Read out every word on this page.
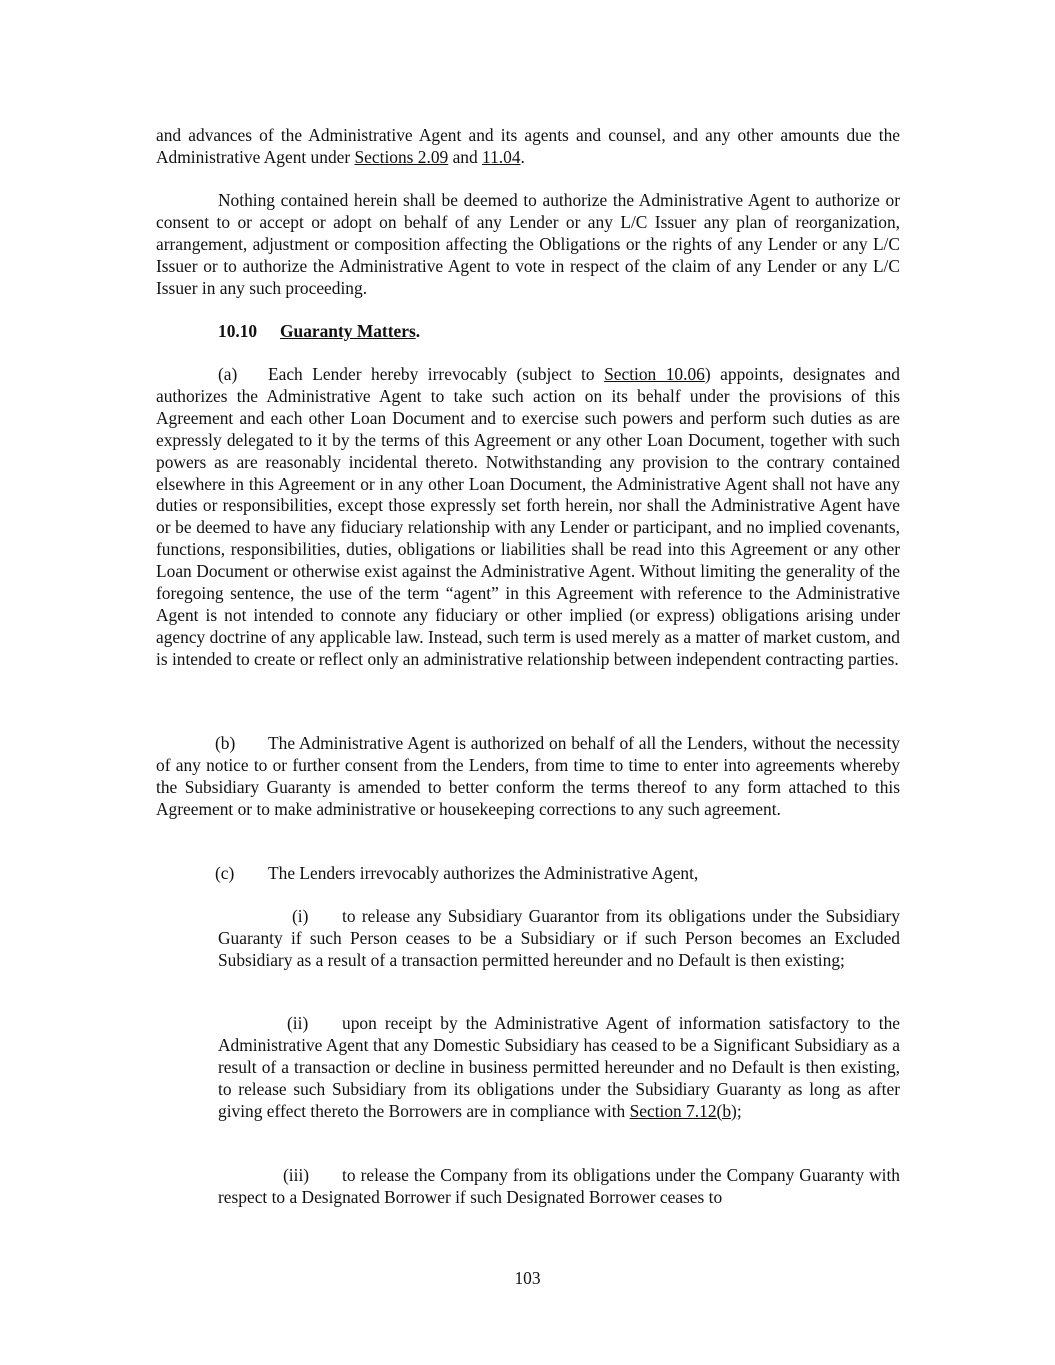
and advances of the Administrative Agent and its agents and counsel, and any other amounts due the Administrative Agent under Sections 2.09 and 11.04.

Nothing contained herein shall be deemed to authorize the Administrative Agent to authorize or consent to or accept or adopt on behalf of any Lender or any L/C Issuer any plan of reorganization, arrangement, adjustment or composition affecting the Obligations or the rights of any Lender or any L/C Issuer or to authorize the Administrative Agent to vote in respect of the claim of any Lender or any L/C Issuer in any such proceeding.

10.10 Guaranty Matters.

(a) Each Lender hereby irrevocably (subject to Section 10.06) appoints, designates and authorizes the Administrative Agent to take such action on its behalf under the provisions of this Agreement and each other Loan Document and to exercise such powers and perform such duties as are expressly delegated to it by the terms of this Agreement or any other Loan Document, together with such powers as are reasonably incidental thereto. Notwithstanding any provision to the contrary contained elsewhere in this Agreement or in any other Loan Document, the Administrative Agent shall not have any duties or responsibilities, except those expressly set forth herein, nor shall the Administrative Agent have or be deemed to have any fiduciary relationship with any Lender or participant, and no implied covenants, functions, responsibilities, duties, obligations or liabilities shall be read into this Agreement or any other Loan Document or otherwise exist against the Administrative Agent. Without limiting the generality of the foregoing sentence, the use of the term “agent” in this Agreement with reference to the Administrative Agent is not intended to connote any fiduciary or other implied (or express) obligations arising under agency doctrine of any applicable law. Instead, such term is used merely as a matter of market custom, and is intended to create or reflect only an administrative relationship between independent contracting parties.

(b) The Administrative Agent is authorized on behalf of all the Lenders, without the necessity of any notice to or further consent from the Lenders, from time to time to enter into agreements whereby the Subsidiary Guaranty is amended to better conform the terms thereof to any form attached to this Agreement or to make administrative or housekeeping corrections to any such agreement.

(c) The Lenders irrevocably authorizes the Administrative Agent,

(i) to release any Subsidiary Guarantor from its obligations under the Subsidiary Guaranty if such Person ceases to be a Subsidiary or if such Person becomes an Excluded Subsidiary as a result of a transaction permitted hereunder and no Default is then existing;

(ii) upon receipt by the Administrative Agent of information satisfactory to the Administrative Agent that any Domestic Subsidiary has ceased to be a Significant Subsidiary as a result of a transaction or decline in business permitted hereunder and no Default is then existing, to release such Subsidiary from its obligations under the Subsidiary Guaranty as long as after giving effect thereto the Borrowers are in compliance with Section 7.12(b);

(iii) to release the Company from its obligations under the Company Guaranty with respect to a Designated Borrower if such Designated Borrower ceases to

103
